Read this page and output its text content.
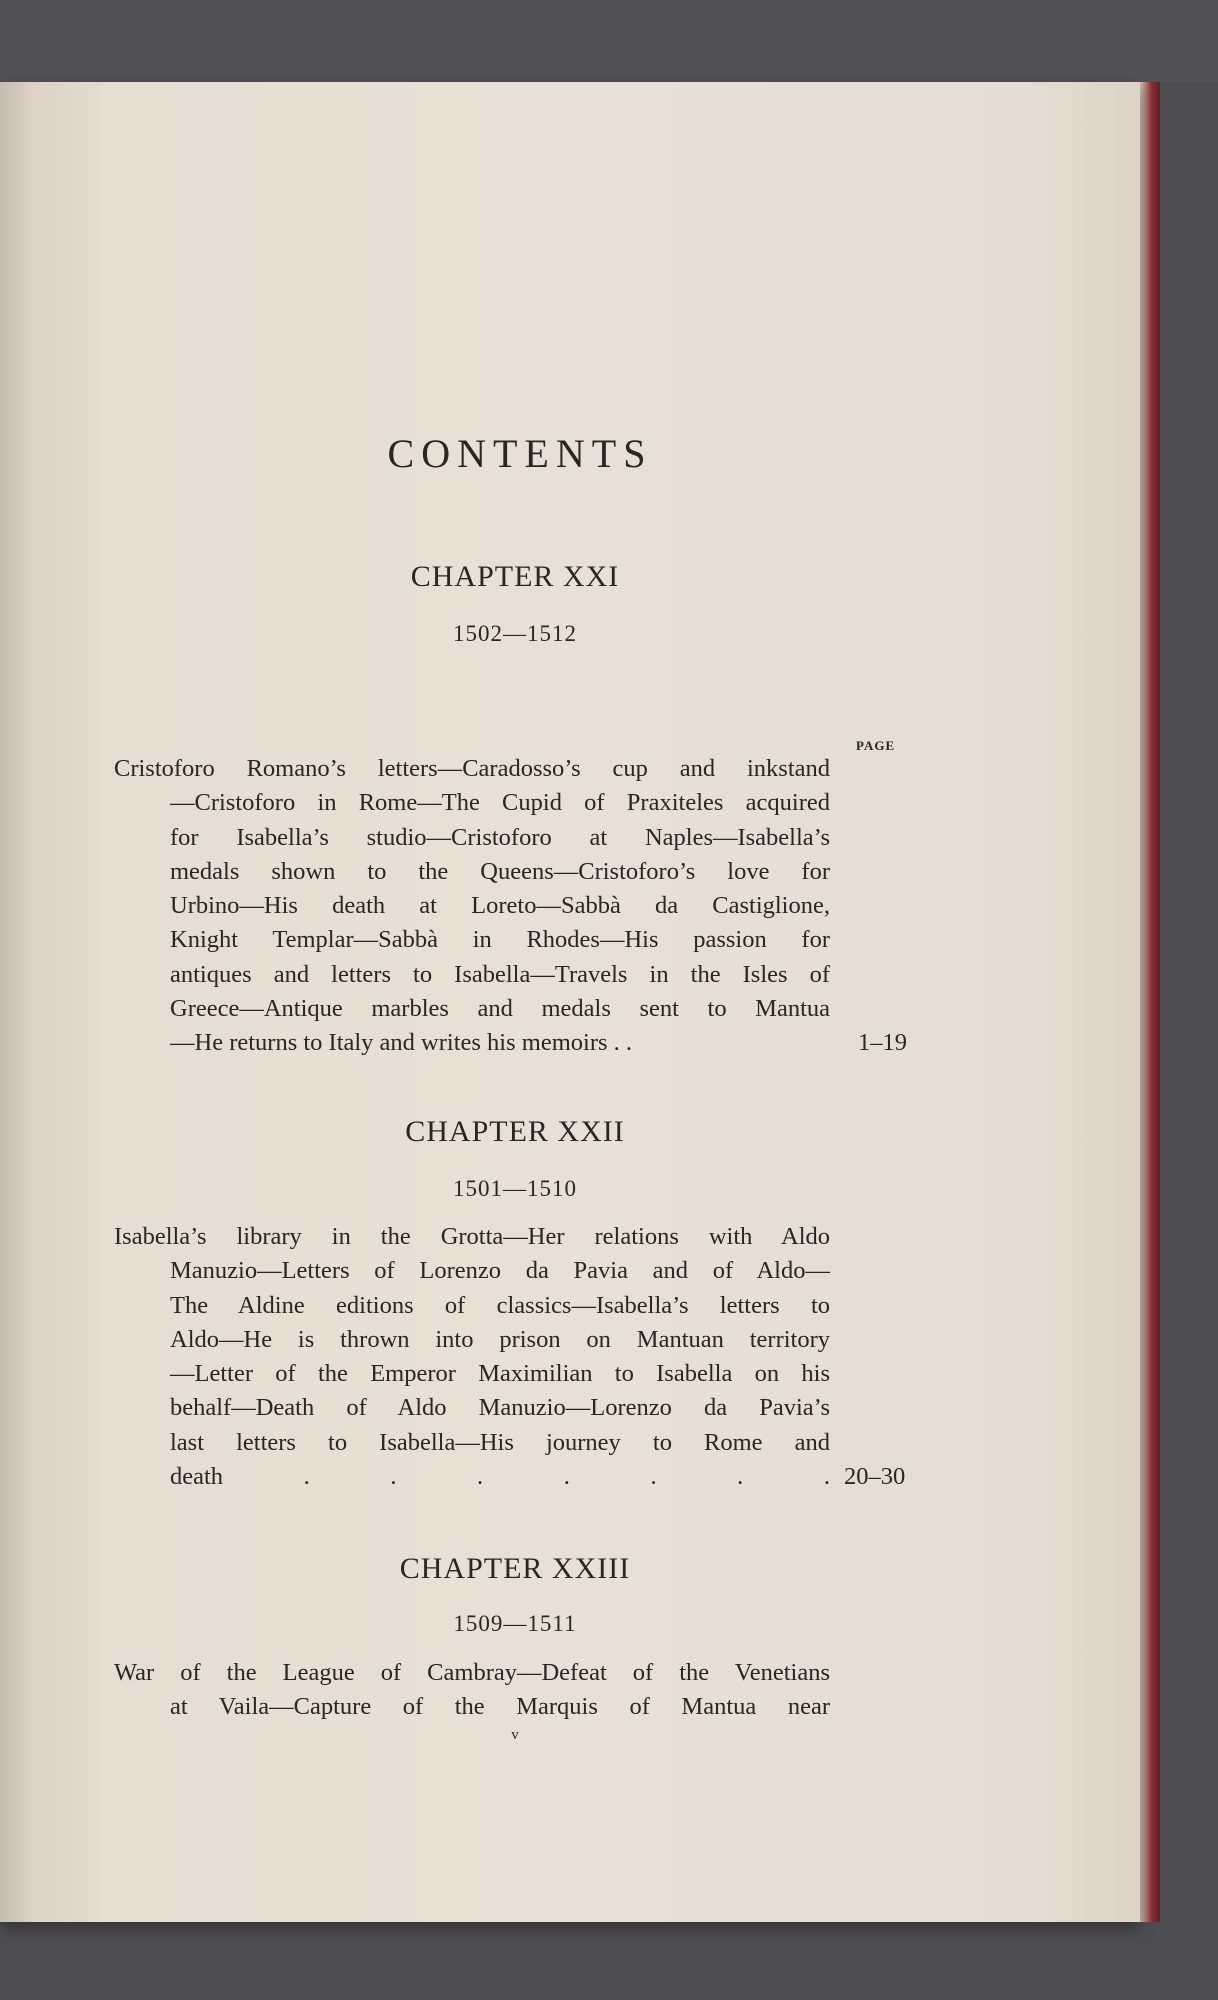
CONTENTS
CHAPTER XXI
1502—1512
PAGE
Cristoforo Romano’s letters—Caradosso’s cup and inkstand
—Cristoforo in Rome—The Cupid of Praxiteles acquired
for Isabella’s studio—Cristoforo at Naples—Isabella’s
medals shown to the Queens—Cristoforo’s love for
Urbino—His death at Loreto—Sabbà da Castiglione,
Knight Templar—Sabbà in Rhodes—His passion for
antiques and letters to Isabella—Travels in the Isles of
Greece—Antique marbles and medals sent to Mantua
—He returns to Italy and writes his memoirs . .	1–19
CHAPTER XXII
1501—1510
Isabella’s library in the Grotta—Her relations with Aldo
Manuzio—Letters of Lorenzo da Pavia and of Aldo—
The Aldine editions of classics—Isabella’s letters to
Aldo—He is thrown into prison on Mantuan territory
—Letter of the Emperor Maximilian to Isabella on his
behalf—Death of Aldo Manuzio—Lorenzo da Pavia’s
last letters to Isabella—His journey to Rome and
death . . . . . . . 20–30
CHAPTER XXIII
1509—1511
War of the League of Cambray—Defeat of the Venetians
at Vaila—Capture of the Marquis of Mantua near
v
